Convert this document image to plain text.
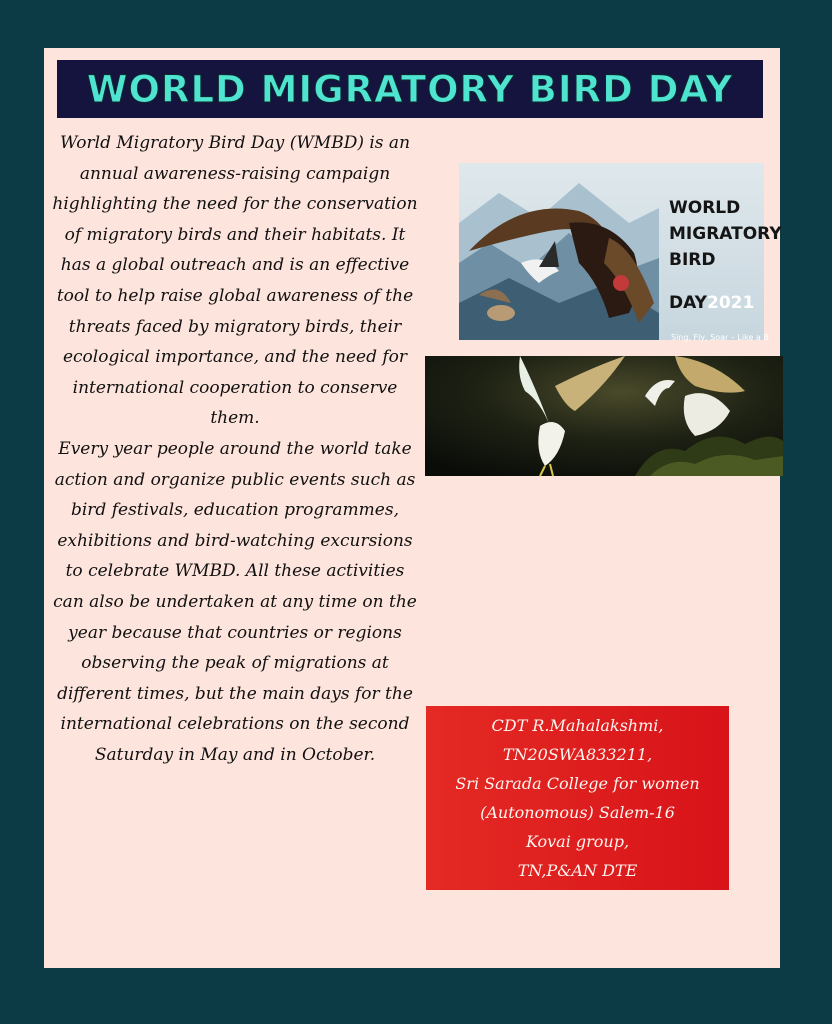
WORLD MIGRATORY BIRD DAY

World Migratory Bird Day (WMBD) is an annual awareness-raising campaign highlighting the need for the conservation of migratory birds and their habitats. It has a global outreach and is an effective tool to help raise global awareness of the threats faced by migratory birds, their ecological importance, and the need for international cooperation to conserve them.

Every year people around the world take action and organize public events such as bird festivals, education programmes, exhibitions and bird-watching excursions to celebrate WMBD. All these activities can also be undertaken at any time on the year because that countries or regions observing the peak of migrations at different times, but the main days for the international celebrations on the second Saturday in May and in October.

WORLD
MIGRATORY
BIRD
DAY 2021
Sing, Fly, Soar – Like a B
CDT R.Mahalakshmi,
TN20SWA833211,
Sri Sarada College for women
(Autonomous) Salem-16
Kovai group,
TN,P&AN DTE
